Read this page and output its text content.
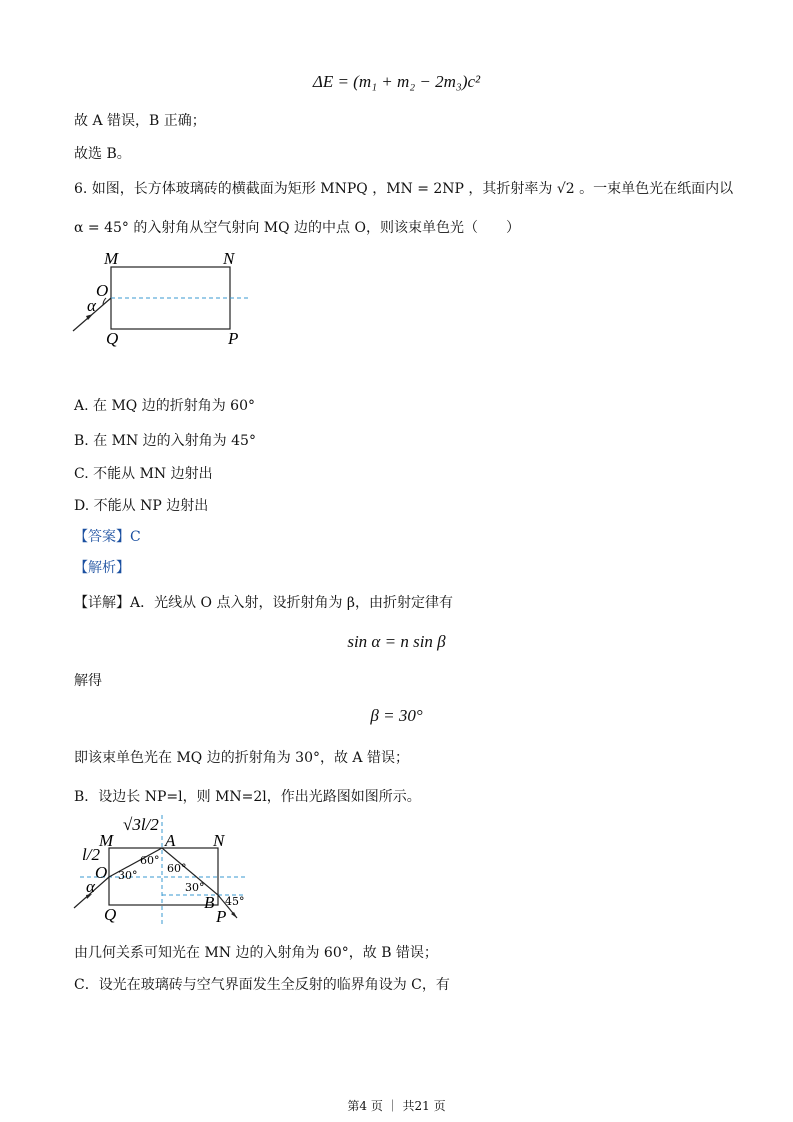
ΔE = (m₁ + m₂ − 2m₃)c²
故 A 错误，B 正确；
故选 B。
6. 如图，长方体玻璃砖的横截面为矩形 MNPQ ，MN = 2NP ，其折射率为 √2 。一束单色光在纸面内以
α = 45° 的入射角从空气射向 MQ 边的中点 O，则该束单色光（　　）
M	N
O
α
Q	P
M	N
A
O
α
l/2
√3l/2
30°
60°
60°
30°
B 45°
Q	P
A. 在 MQ 边的折射角为 60°
B. 在 MN 边的入射角为 45°
C. 不能从 MN 边射出
D. 不能从 NP 边射出
【答案】C
【解析】
【详解】A．光线从 O 点入射，设折射角为 β，由折射定律有
sin α = n sin β
解得
β = 30°
即该束单色光在 MQ 边的折射角为 30°，故 A 错误；
B．设边长 NP=l，则 MN=2l，作出光路图如图所示。
由几何关系可知光在 MN 边的入射角为 60°，故 B 错误；
C．设光在玻璃砖与空气界面发生全反射的临界角设为 C，有
第4 页 ｜ 共21 页
